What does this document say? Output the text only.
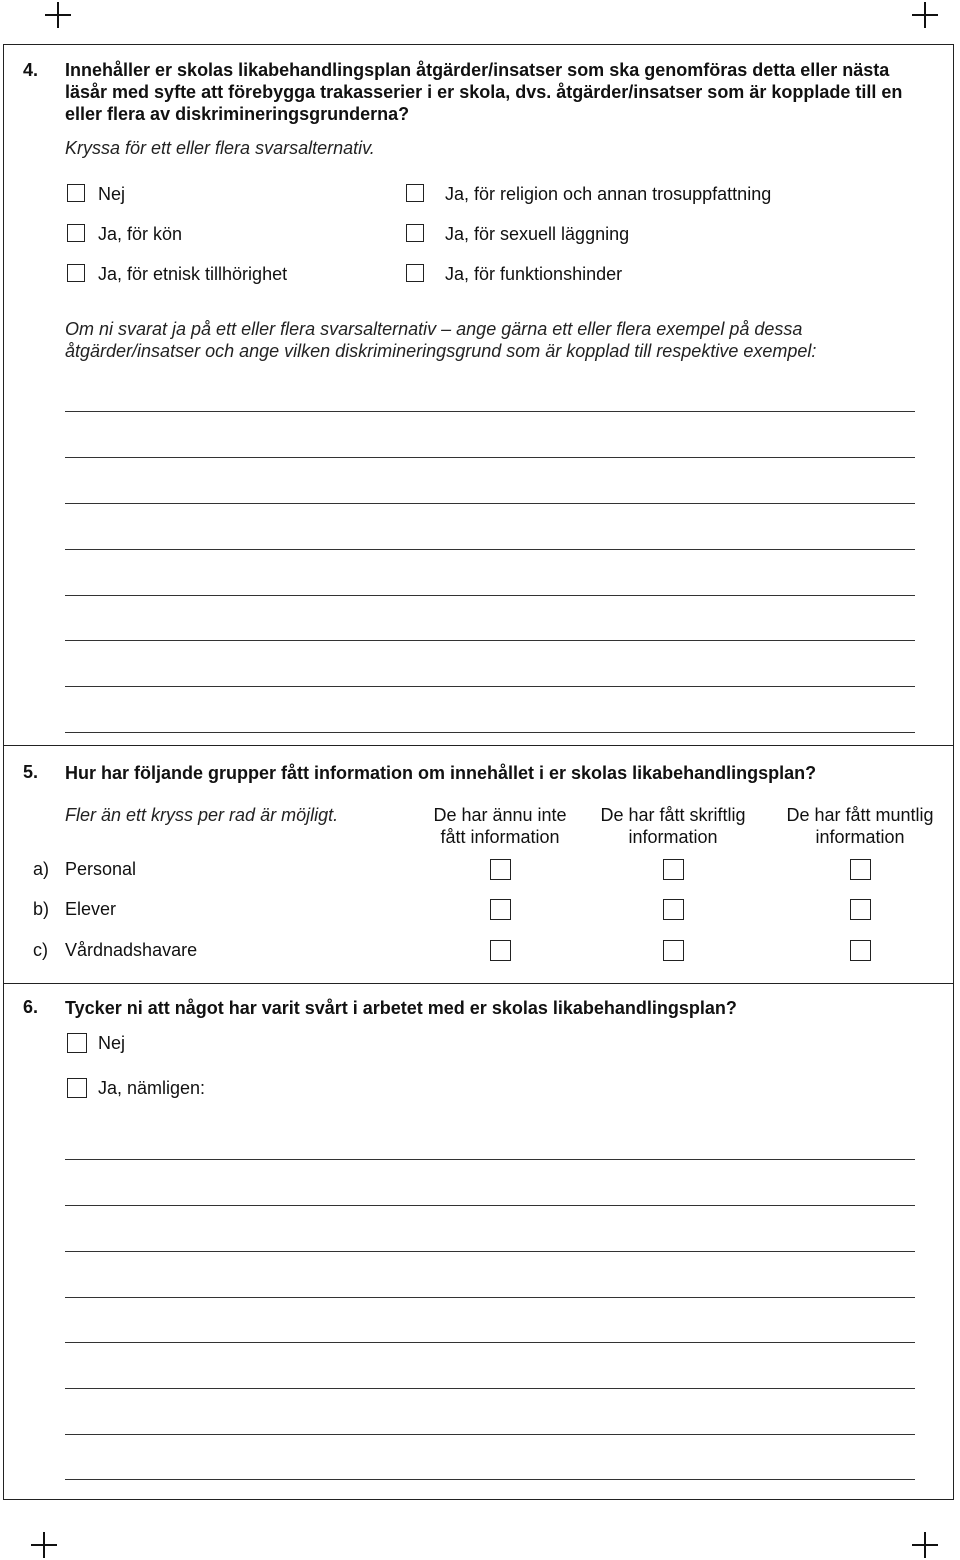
4. Innehåller er skolas likabehandlingsplan åtgärder/insatser som ska genomföras detta eller nästa läsår med syfte att förebygga trakasserier i er skola, dvs. åtgärder/insatser som är kopplade till en eller flera av diskrimineringsgrunderna?
Kryssa för ett eller flera svarsalternativ.
Nej
Ja, för kön
Ja, för etnisk tillhörighet
Ja, för religion och annan trosuppfattning
Ja, för sexuell läggning
Ja, för funktionshinder
Om ni svarat ja på ett eller flera svarsalternativ – ange gärna ett eller flera exempel på dessa åtgärder/insatser och ange vilken diskrimineringsgrund som är kopplad till respektive exempel:
5. Hur har följande grupper fått information om innehållet i er skolas likabehandlingsplan?
Fler än ett kryss per rad är möjligt.	De har ännu inte fått information
De har fått skriftlig information
De har fått muntlig information
a) Personal
b) Elever
c) Vårdnadshavare
6. Tycker ni att något har varit svårt i arbetet med er skolas likabehandlingsplan?
Nej
Ja, nämligen:
